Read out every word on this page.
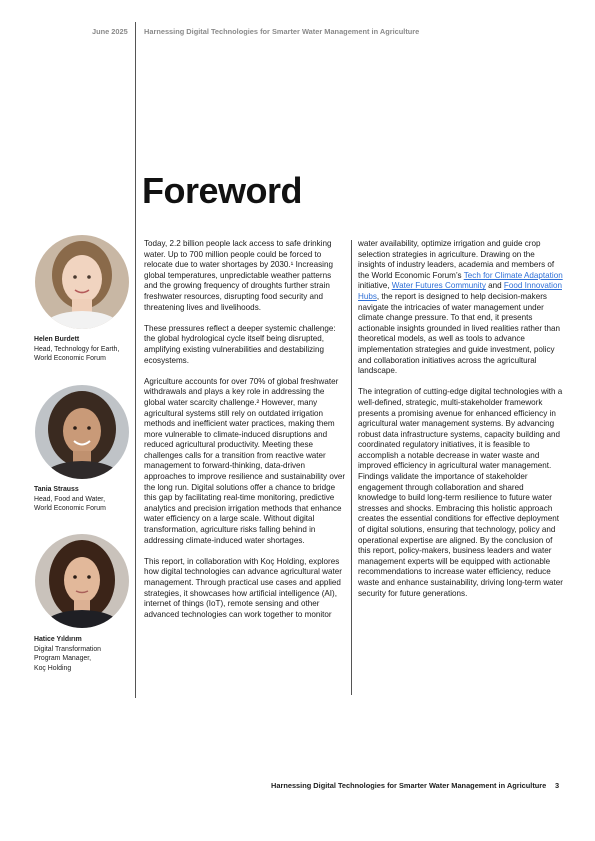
June 2025 Harnessing Digital Technologies for Smarter Water Management in Agriculture
Foreword
Helen Burdett
Head, Technology for Earth,
World Economic Forum
Tania Strauss
Head, Food and Water,
World Economic Forum
Hatice Yıldırım
Digital Transformation
Program Manager,
Koç Holding

Today, 2.2 billion people lack access to safe drinking water. Up to 700 million people could be forced to relocate due to water shortages by 2030.¹ Increasing global temperatures, unpredictable weather patterns and the growing frequency of droughts further strain freshwater resources, disrupting food security and threatening lives and livelihoods.

These pressures reflect a deeper systemic challenge: the global hydrological cycle itself being disrupted, amplifying existing vulnerabilities and destabilizing ecosystems.

Agriculture accounts for over 70% of global freshwater withdrawals and plays a key role in addressing the global water scarcity challenge.² However, many agricultural systems still rely on outdated irrigation methods and inefficient water practices, making them more vulnerable to climate-induced disruptions and reduced agricultural productivity. Meeting these challenges calls for a transition from reactive water management to forward-thinking, data-driven approaches to improve resilience and sustainability over the long run. Digital solutions offer a chance to bridge this gap by facilitating real-time monitoring, predictive analytics and precision irrigation methods that enhance water efficiency on a large scale. Without digital transformation, agriculture risks falling behind in addressing climate-induced water shortages.

This report, in collaboration with Koç Holding, explores how digital technologies can advance agricultural water management. Through practical use cases and applied strategies, it showcases how artificial intelligence (AI), internet of things (IoT), remote sensing and other advanced technologies can work together to monitor

water availability, optimize irrigation and guide crop selection strategies in agriculture. Drawing on the insights of industry leaders, academia and members of the World Economic Forum’s Tech for Climate Adaptation initiative, Water Futures Community and Food Innovation Hubs, the report is designed to help decision-makers navigate the intricacies of water management under climate change pressure. To that end, it presents actionable insights grounded in lived realities rather than theoretical models, as well as tools to advance implementation strategies and guide investment, policy and collaboration initiatives across the agricultural landscape.

The integration of cutting-edge digital technologies with a well-defined, strategic, multi-stakeholder framework presents a promising avenue for enhanced efficiency in agricultural water management systems. By advancing robust data infrastructure systems, capacity building and coordinated regulatory initiatives, it is feasible to accomplish a notable decrease in water waste and improved efficiency in agricultural water management. Findings validate the importance of stakeholder engagement through collaboration and shared knowledge to build long-term resilience to future water stresses and shocks. Embracing this holistic approach creates the essential conditions for effective deployment of digital solutions, ensuring that technology, policy and operational expertise are aligned. By the conclusion of this report, policy-makers, business leaders and water management experts will be equipped with actionable recommendations to increase water efficiency, reduce waste and enhance sustainability, driving long-term water security for future generations.

Harnessing Digital Technologies for Smarter Water Management in Agriculture 3
